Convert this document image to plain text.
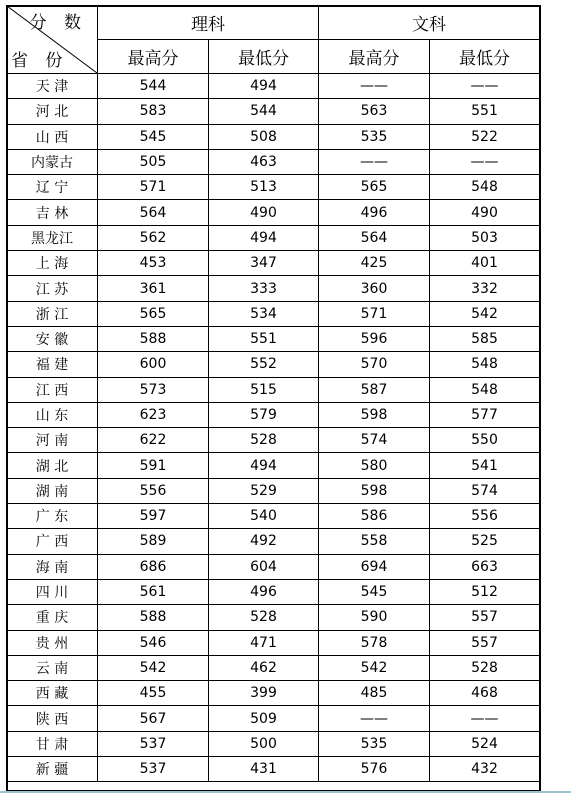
分 数
省 份	理科		文科	
	最高分	最低分	最高分	最低分
天 津	544	494	——	——
河 北	583	544	563	551
山 西	545	508	535	522
内蒙古	505	463	——	——
辽 宁	571	513	565	548
吉 林	564	490	496	490
黑龙江	562	494	564	503
上 海	453	347	425	401
江 苏	361	333	360	332
浙 江	565	534	571	542
安 徽	588	551	596	585
福 建	600	552	570	548
江 西	573	515	587	548
山 东	623	579	598	577
河 南	622	528	574	550
湖 北	591	494	580	541
湖 南	556	529	598	574
广 东	597	540	586	556
广 西	589	492	558	525
海 南	686	604	694	663
四 川	561	496	545	512
重 庆	588	528	590	557
贵 州	546	471	578	557
云 南	542	462	542	528
西 藏	455	399	485	468
陕 西	567	509	——	——
甘 肃	537	500	535	524
新 疆	537	431	576	432
